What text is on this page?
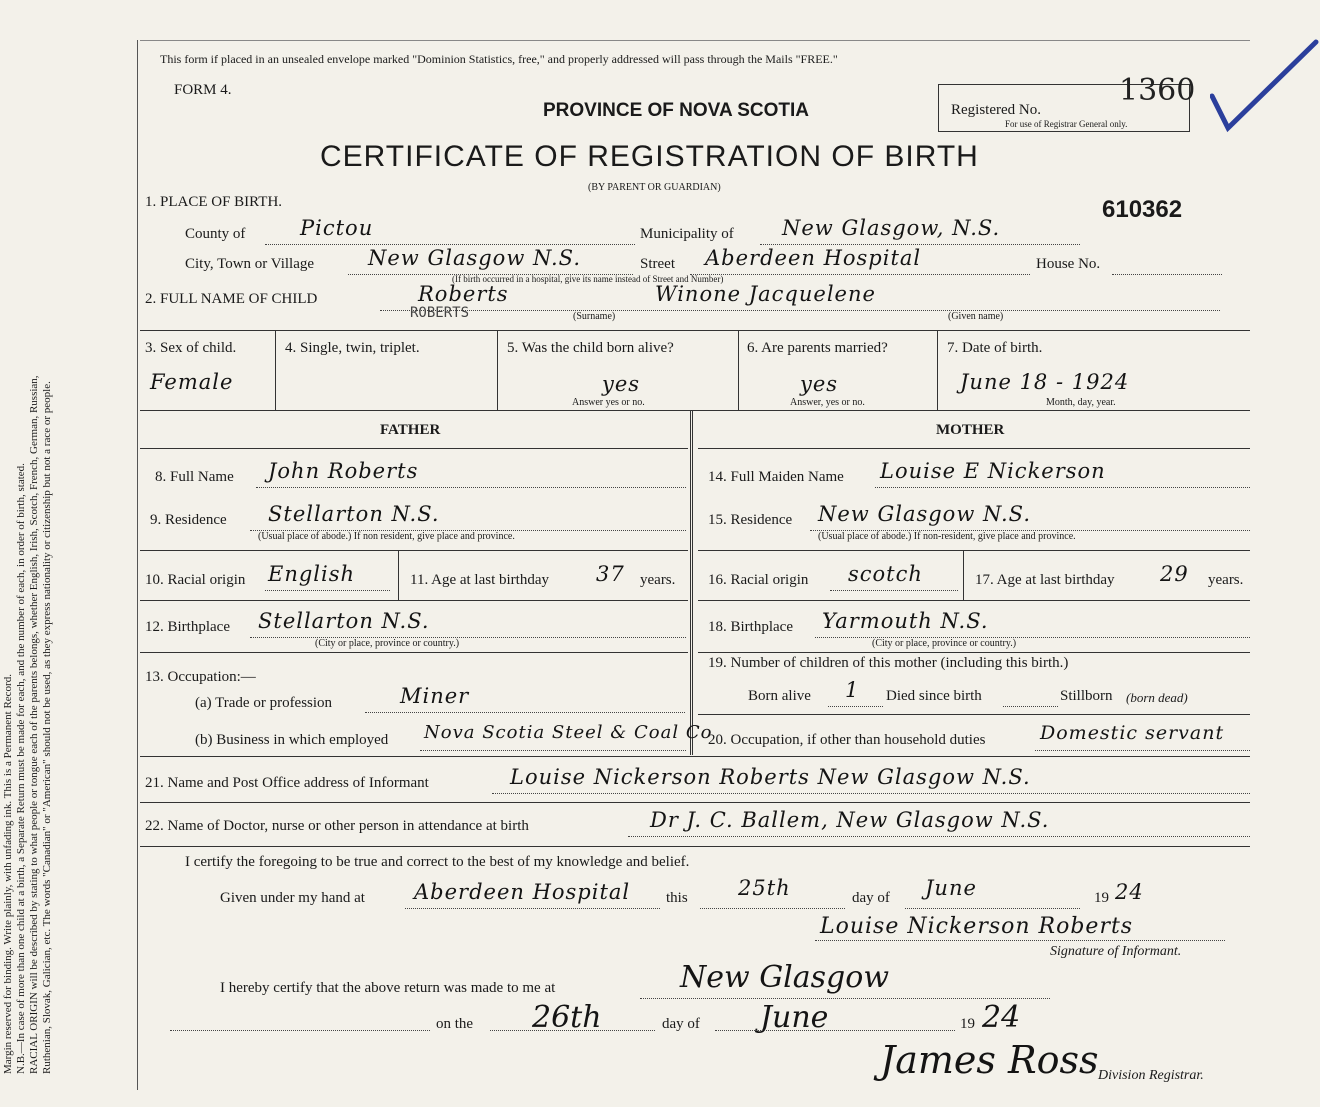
Margin reserved for binding. Write plainly, with unfading ink. This is a Permanent Record. N.B.—In case of more than one child at a birth, a Separate Return must be made for each, and the number of each, in order of birth, stated. RACIAL ORIGIN will be described by stating to what people or tongue each of the parents belongs, whether English, Irish, Scotch, French, German, Russian, Ruthenian, Slovak, Galician, etc. The words "Canadian" or "American" should not be used, as they express nationality or citizenship but not a race or people.
This form if placed in an unsealed envelope marked "Dominion Statistics, free," and properly addressed will pass through the Mails "FREE."
FORM 4.
PROVINCE OF NOVA SCOTIA
CERTIFICATE OF REGISTRATION OF BIRTH
(BY PARENT OR GUARDIAN)
Registered No.
1360
For use of Registrar General only.
610362
1. PLACE OF BIRTH.
County of	Pictou	Municipality of New Glasgow, N.S.
City, Town or Village	New Glasgow N.S.	Street Aberdeen Hospital	House No.
(If birth occurred in a hospital, give its name instead of Street and Number)
2. FULL NAME OF CHILD	Roberts
ROBERTS
Winone Jacquelene
(Surname)	(Given name)
3. Sex of child.
Female
4. Single, twin, triplet.	5. Was the child born alive?
yes
Answer yes or no.
6. Are parents married?
yes
Answer, yes or no.
7. Date of birth.
June 18 - 1924
Month, day, year.
FATHER	MOTHER
8. Full Name John Roberts
9. Residence Stellarton N.S.
(Usual place of abode.) If non resident, give place and province.
10. Racial origin English	11. Age at last birthday 37 years.
12. Birthplace Stellarton N.S.
(City or place, province or country.)
13. Occupation:—
(a) Trade or profession	Miner
(b) Business in which employed Nova Scotia Steel & Coal Co
14. Full Maiden Name Louise E Nickerson
15. Residence New Glasgow N.S.
(Usual place of abode.) If non-resident, give place and province.
16. Racial origin scotch	17. Age at last birthday 29 years.
18. Birthplace Yarmouth N.S.
(City or place, province or country.)
19. Number of children of this mother (including this birth.)
Born alive 1 Died since birth	Stillborn (born dead)
20. Occupation, if other than household duties	Domestic servant
21. Name and Post Office address of Informant	Louise Nickerson Roberts New Glasgow N.S.
22. Name of Doctor, nurse or other person in attendance at birth	Dr J. C. Ballem, New Glasgow N.S.
I certify the foregoing to be true and correct to the best of my knowledge and belief.
Given under my hand at Aberdeen Hospital this 25th	day of June	19 24
Louise Nickerson Roberts
Signature of Informant.
I hereby certify that the above return was made to me at	New Glasgow
on the 26th	day of June	19 24
James Ross Division Registrar.
